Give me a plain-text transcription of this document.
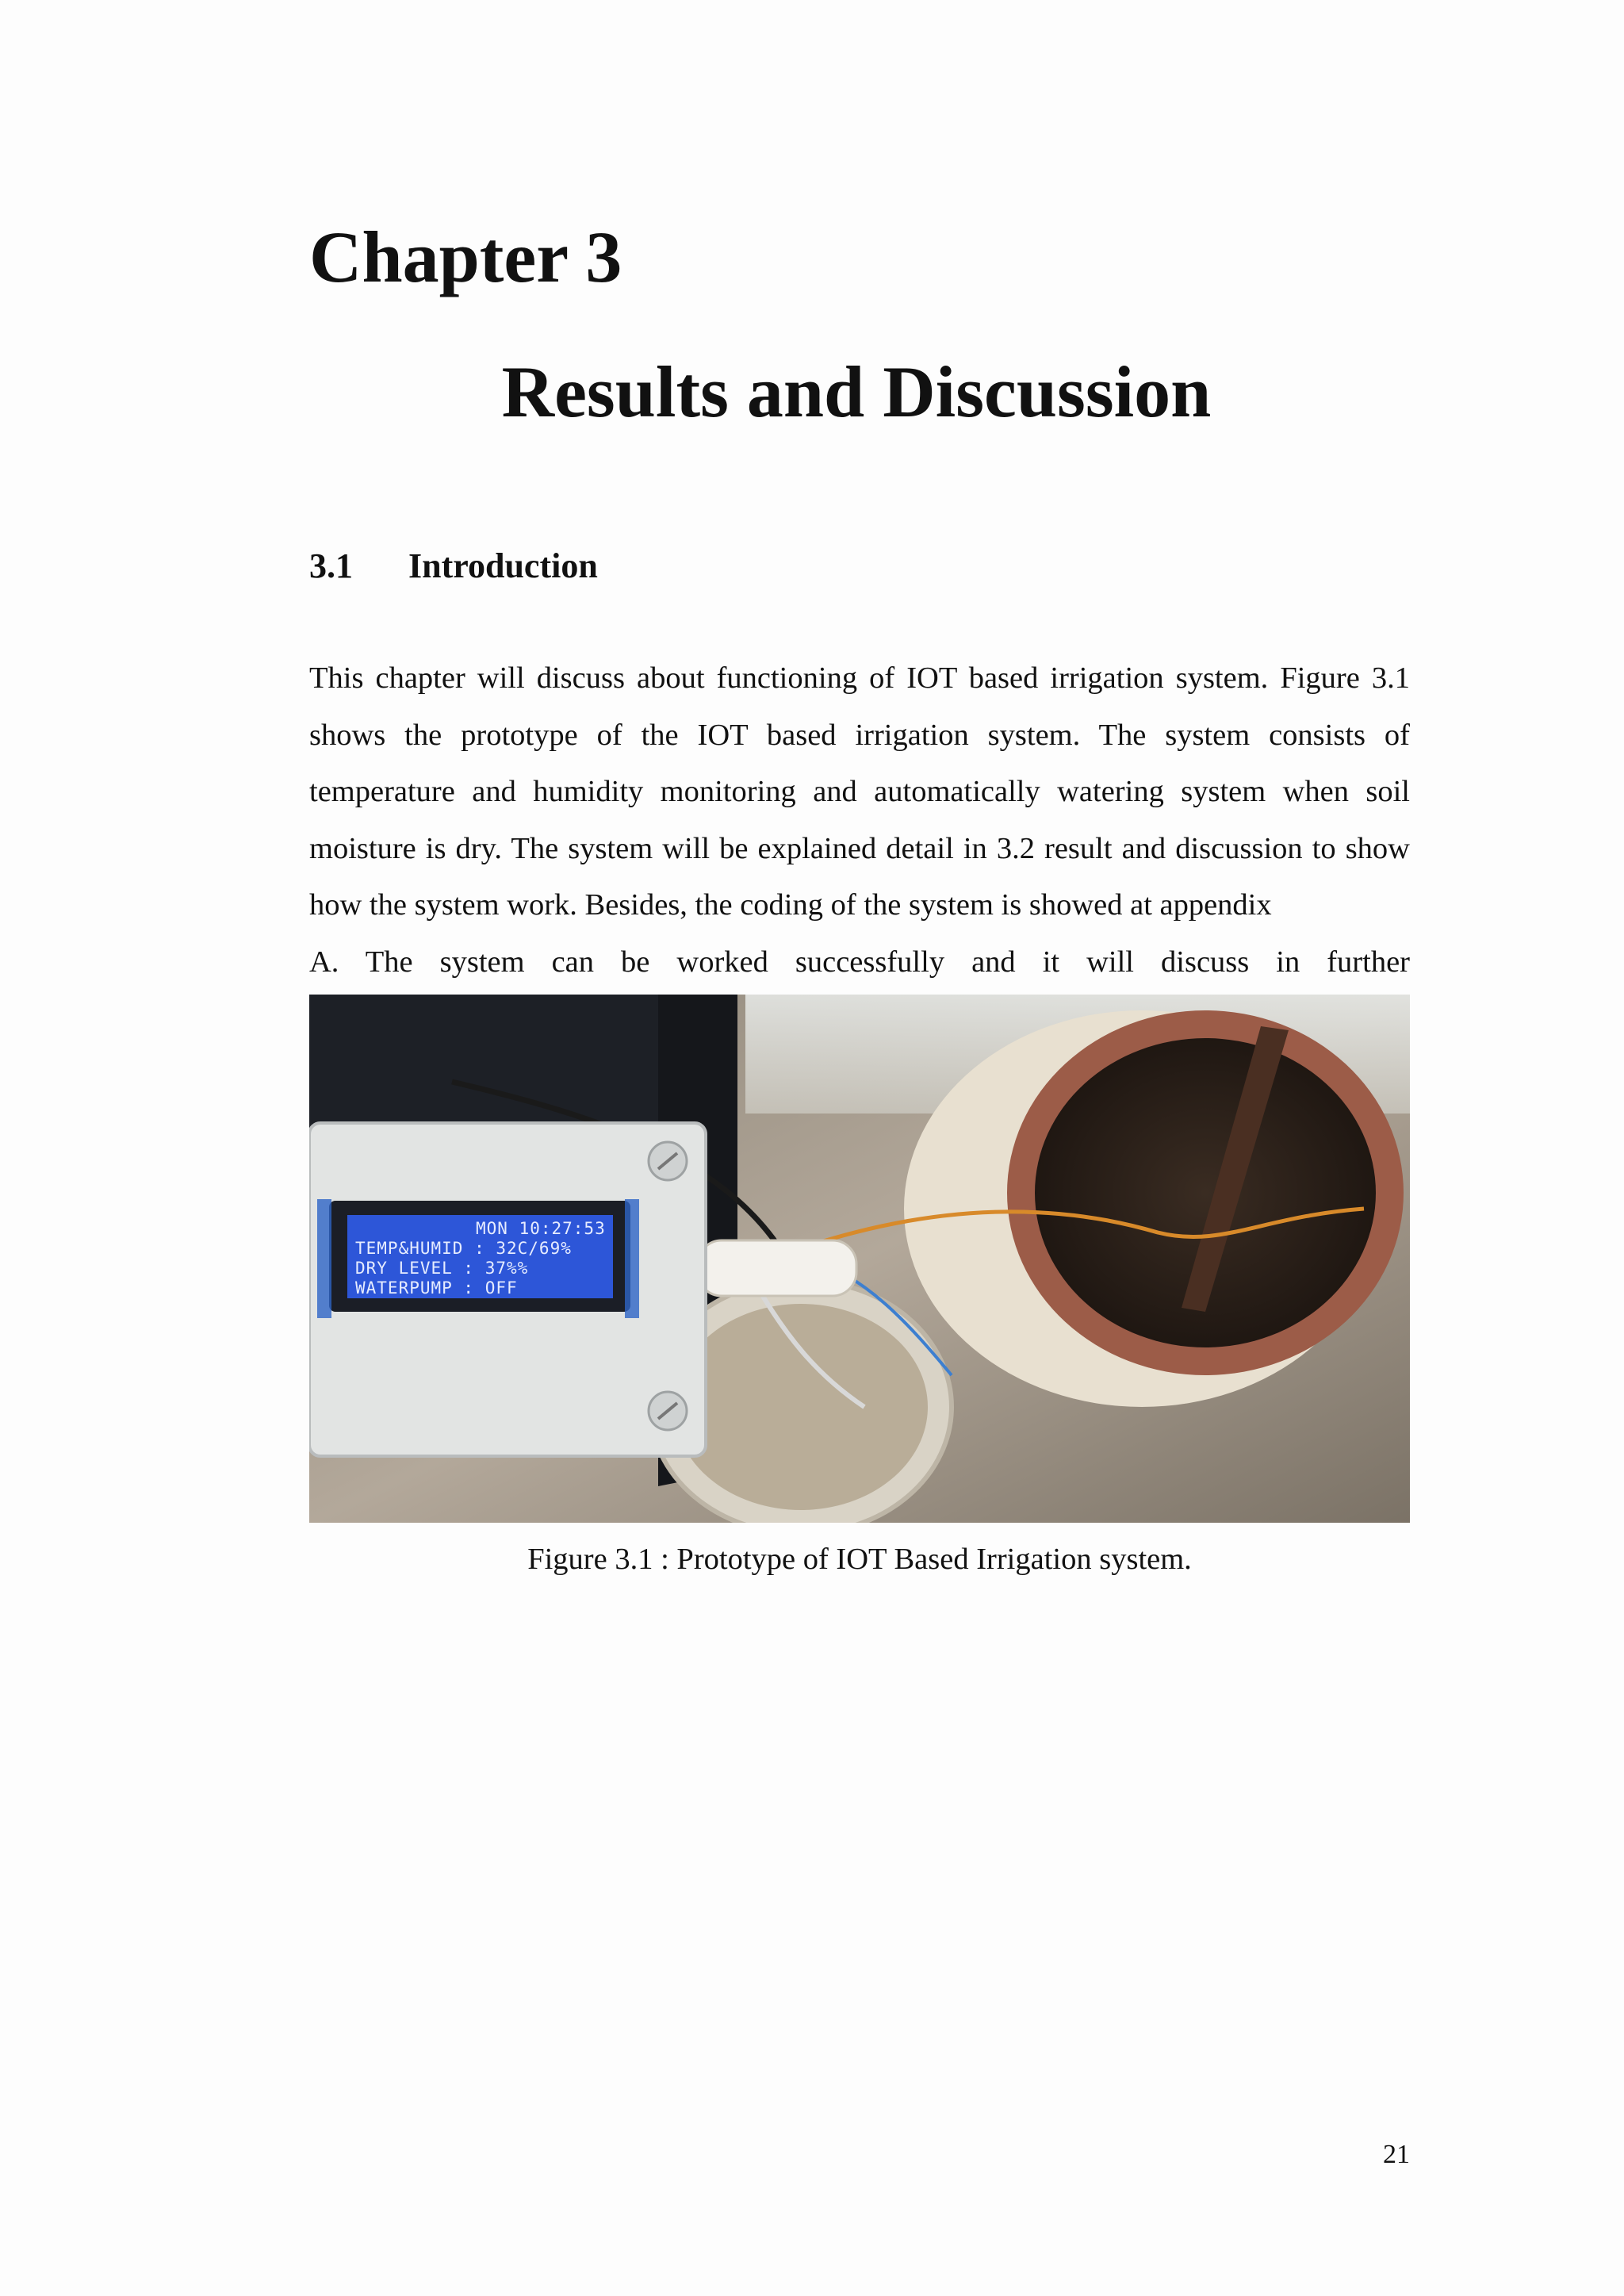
Chapter 3
Results and Discussion
3.1 Introduction

This chapter will discuss about functioning of IOT based irrigation system. Figure 3.1 shows the prototype of the IOT based irrigation system. The system consists of temperature and humidity monitoring and automatically watering system when soil moisture is dry. The system will be explained detail in 3.2 result and discussion to show how the system work. Besides, the coding of the system is showed at appendix
A. The system can be worked successfully and it will discuss in further

MON 10:27:53
TEMP&HUMID : 32C/69%
DRY LEVEL : 37%%
WATERPUMP : OFF

Figure 3.1 : Prototype of IOT Based Irrigation system.

21
